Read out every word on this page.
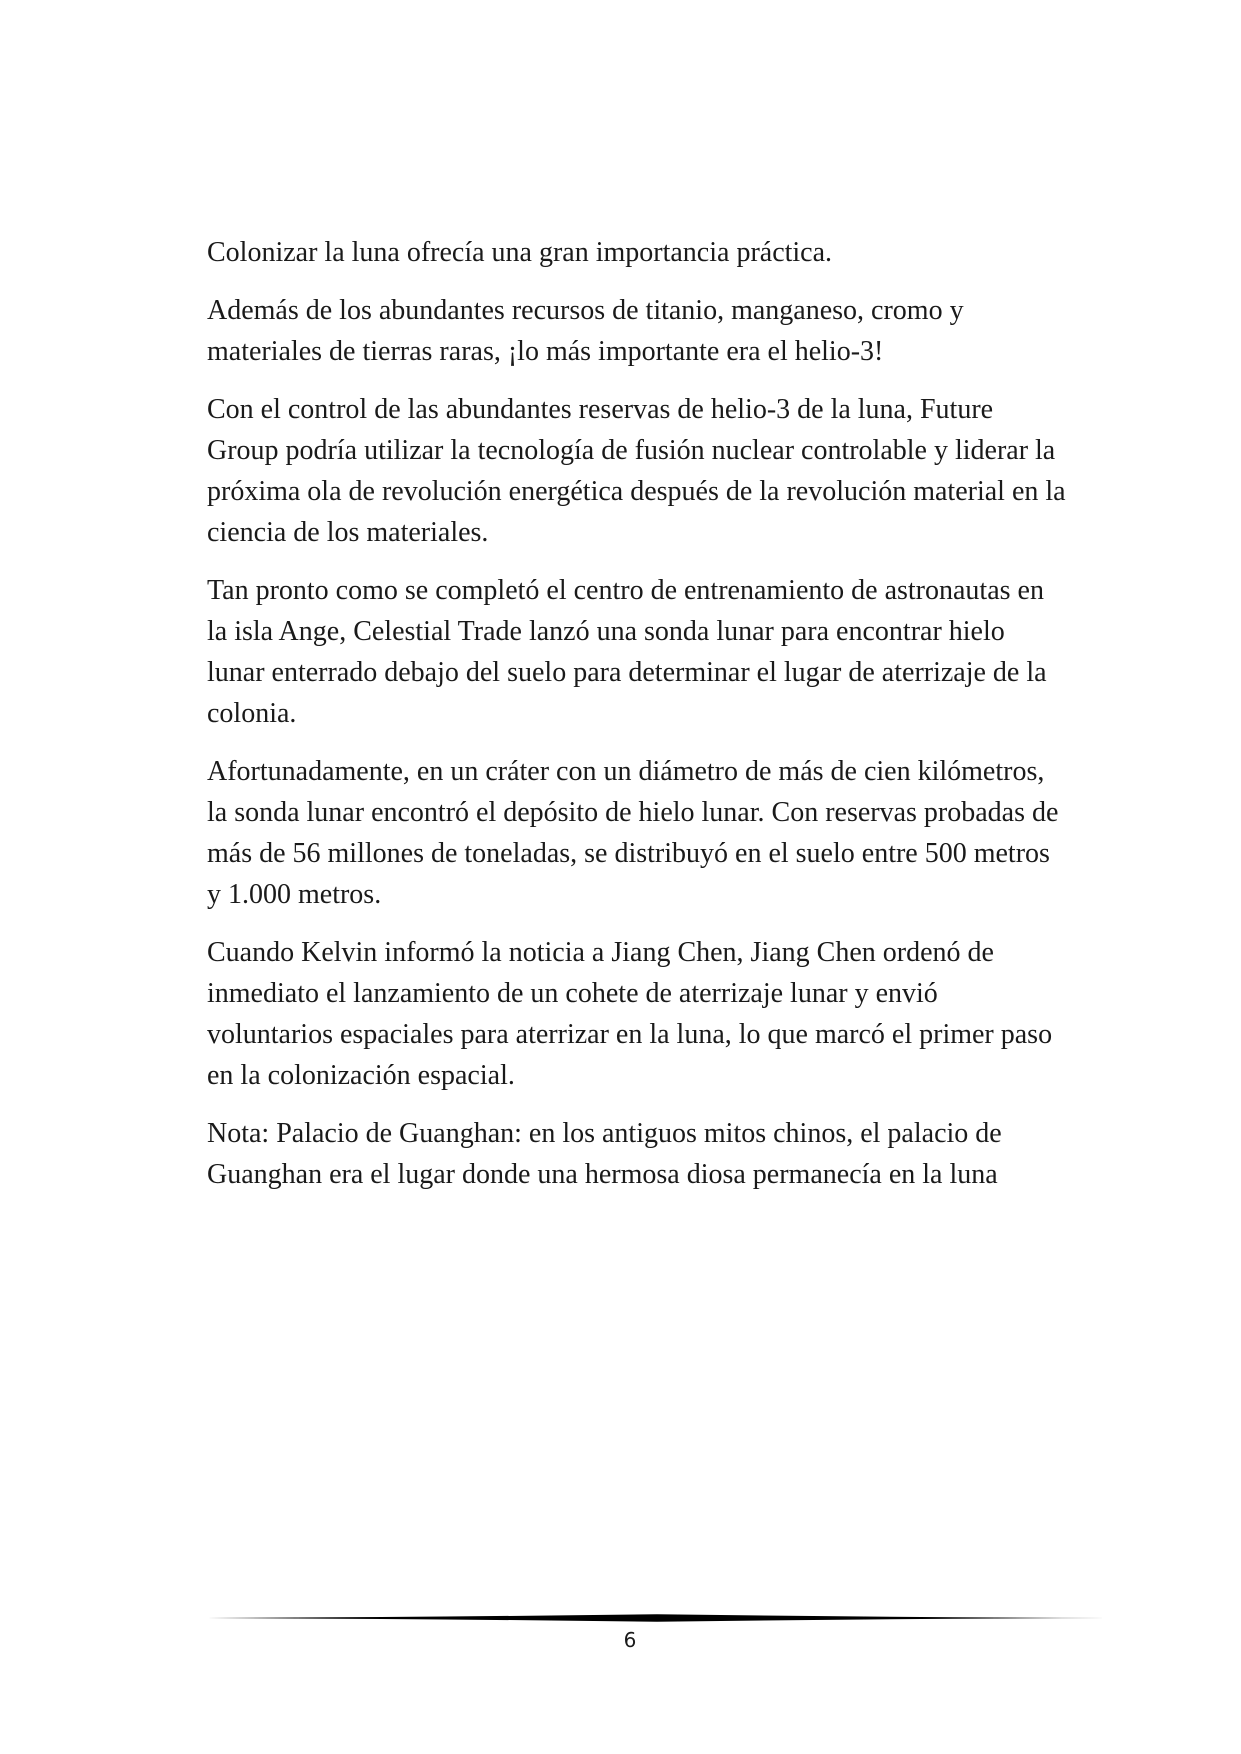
Colonizar la luna ofrecía una gran importancia práctica.

Además de los abundantes recursos de titanio, manganeso, cromo y materiales de tierras raras, ¡lo más importante era el helio-3!

Con el control de las abundantes reservas de helio-3 de la luna, Future Group podría utilizar la tecnología de fusión nuclear controlable y liderar la próxima ola de revolución energética después de la revolución material en la ciencia de los materiales.

Tan pronto como se completó el centro de entrenamiento de astronautas en la isla Ange, Celestial Trade lanzó una sonda lunar para encontrar hielo lunar enterrado debajo del suelo para determinar el lugar de aterrizaje de la colonia.

Afortunadamente, en un cráter con un diámetro de más de cien kilómetros, la sonda lunar encontró el depósito de hielo lunar. Con reservas probadas de más de 56 millones de toneladas, se distribuyó en el suelo entre 500 metros y 1.000 metros.

Cuando Kelvin informó la noticia a Jiang Chen, Jiang Chen ordenó de inmediato el lanzamiento de un cohete de aterrizaje lunar y envió voluntarios espaciales para aterrizar en la luna, lo que marcó el primer paso en la colonización espacial.

Nota: Palacio de Guanghan: en los antiguos mitos chinos, el palacio de Guanghan era el lugar donde una hermosa diosa permanecía en la luna

6
